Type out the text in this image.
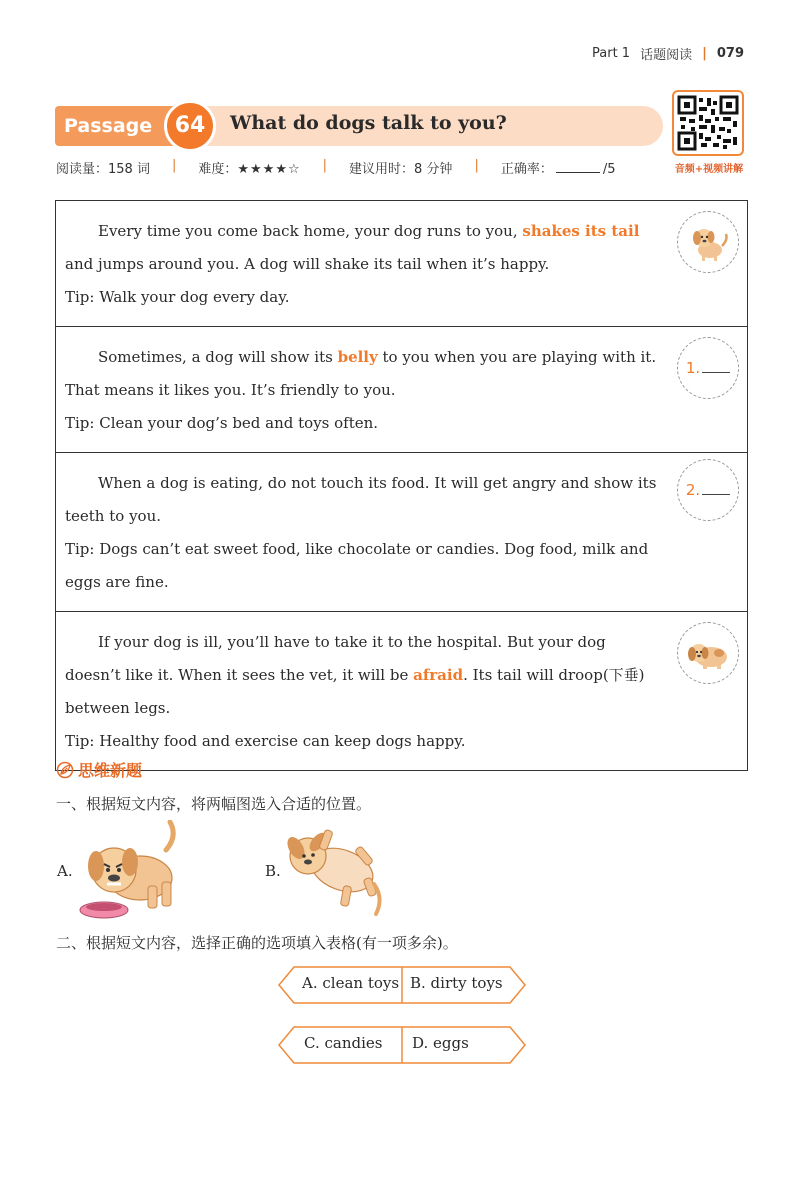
Part 1 话题阅读 | 079
Passage	64	What do dogs talk to you?
音频+视频讲解
阅读量：158 词 | 难度：★★★★☆ | 建议用时：8 分钟 | 正确率：	/5

Every time you come back home, your dog runs to you, shakes its tail and jumps around you. A dog will shake its tail when it’s happy.

Tip: Walk your dog every day.

Sometimes, a dog will show its belly to you when you are playing with it. That means it likes you. It’s friendly to you.

Tip: Clean your dog’s bed and toys often.

1.

When a dog is eating, do not touch its food. It will get angry and show its teeth to you.

Tip: Dogs can’t eat sweet food, like chocolate or candies. Dog food, milk and eggs are fine.

2.

If your dog is ill, you’ll have to take it to the hospital. But your dog doesn’t like it. When it sees the vet, it will be afraid. Its tail will droop(下垂) between legs.

Tip: Healthy food and exercise can keep dogs happy.

思维新题
一、根据短文内容，将两幅图选入合适的位置。
A.	B.
二、根据短文内容，选择正确的选项填入表格(有一项多余)。
A. clean toys B. dirty toys
C. candies D. eggs
